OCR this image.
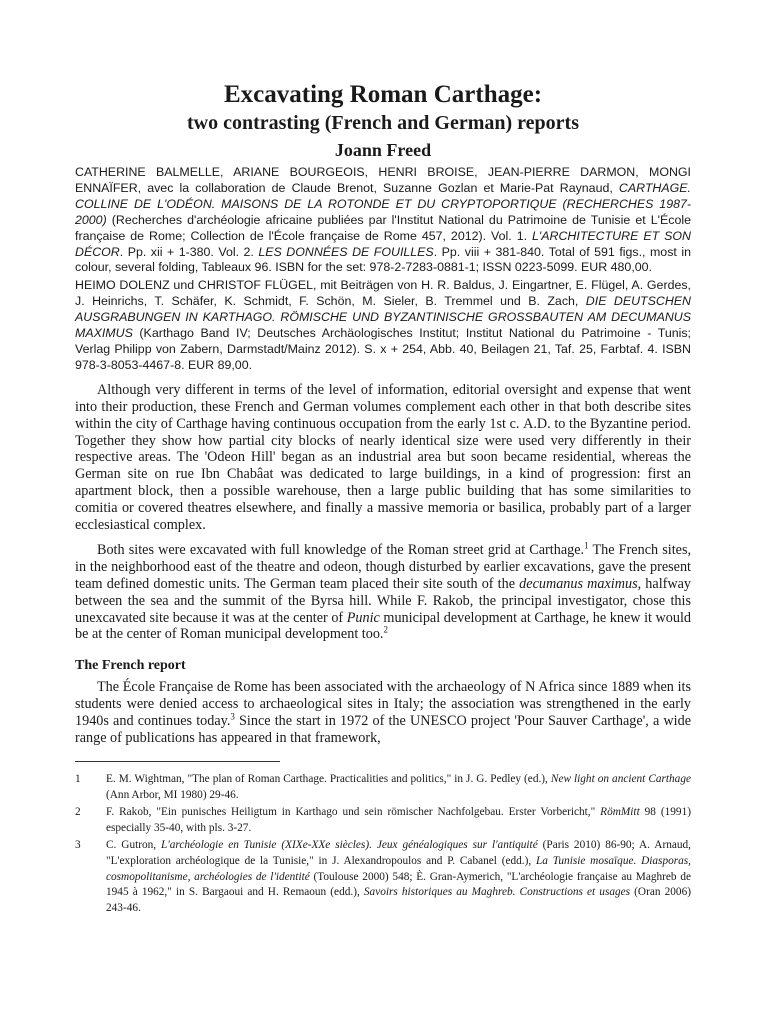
Excavating Roman Carthage:
two contrasting (French and German) reports
Joann Freed

CATHERINE BALMELLE, ARIANE BOURGEOIS, HENRI BROISE, JEAN-PIERRE DARMON, MONGI ENNAÏFER, avec la collaboration de Claude Brenot, Suzanne Gozlan et Marie-Pat Raynaud, CARTHAGE. COLLINE DE L'ODÉON. MAISONS DE LA ROTONDE ET DU CRYPTOPORTIQUE (RECHERCHES 1987-2000) (Recherches d'archéologie africaine publiées par l'Institut National du Patrimoine de Tunisie et L'École française de Rome; Collection de l'École française de Rome 457, 2012). Vol. 1. L'ARCHITECTURE ET SON DÉCOR. Pp. xii + 1-380. Vol. 2. LES DONNÉES DE FOUILLES. Pp. viii + 381-840. Total of 591 figs., most in colour, several folding, Tableaux 96. ISBN for the set: 978-2-7283-0881-1; ISSN 0223-5099. EUR 480,00.

HEIMO DOLENZ und CHRISTOF FLÜGEL, mit Beiträgen von H. R. Baldus, J. Eingartner, E. Flügel, A. Gerdes, J. Heinrichs, T. Schäfer, K. Schmidt, F. Schön, M. Sieler, B. Tremmel und B. Zach, DIE DEUTSCHEN AUSGRABUNGEN IN KARTHAGO. RÖMISCHE UND BYZANTINISCHE GROSSBAUTEN AM DECUMANUS MAXIMUS (Karthago Band IV; Deutsches Archäologisches Institut; Institut National du Patrimoine - Tunis; Verlag Philipp von Zabern, Darmstadt/Mainz 2012). S. x + 254, Abb. 40, Beilagen 21, Taf. 25, Farbtaf. 4. ISBN 978-3-8053-4467-8. EUR 89,00.

Although very different in terms of the level of information, editorial oversight and expense that went into their production, these French and German volumes complement each other in that both describe sites within the city of Carthage having continuous occupation from the early 1st c. A.D. to the Byzantine period. Together they show how partial city blocks of nearly identical size were used very differently in their respective areas. The 'Odeon Hill' began as an industrial area but soon became residential, whereas the German site on rue Ibn Chabâat was dedicated to large buildings, in a kind of progression: first an apartment block, then a possible warehouse, then a large public building that has some similarities to comitia or covered theatres elsewhere, and finally a massive memoria or basilica, probably part of a larger ecclesiastical complex.

Both sites were excavated with full knowledge of the Roman street grid at Carthage.$^1$ The French sites, in the neighborhood east of the theatre and odeon, though disturbed by earlier excavations, gave the present team defined domestic units. The German team placed their site south of the decumanus maximus, halfway between the sea and the summit of the Byrsa hill. While F. Rakob, the principal investigator, chose this unexcavated site because it was at the center of Punic municipal development at Carthage, he knew it would be at the center of Roman municipal development too.$^2$

The French report

The École Française de Rome has been associated with the archaeology of N Africa since 1889 when its students were denied access to archaeological sites in Italy; the association was strengthened in the early 1940s and continues today.$^3$ Since the start in 1972 of the UNESCO project 'Pour Sauver Carthage', a wide range of publications has appeared in that framework,

1 E. M. Wightman, "The plan of Roman Carthage. Practicalities and politics," in J. G. Pedley (ed.), New light on ancient Carthage (Ann Arbor, MI 1980) 29-46.
2 F. Rakob, "Ein punisches Heiligtum in Karthago und sein römischer Nachfolgebau. Erster Vorbericht," RömMitt 98 (1991) especially 35-40, with pls. 3-27.
3 C. Gutron, L'archéologie en Tunisie (XIXe-XXe siècles). Jeux généalogiques sur l'antiquité (Paris 2010) 86-90; A. Arnaud, "L'exploration archéologique de la Tunisie," in J. Alexandropoulos and P. Cabanel (edd.), La Tunisie mosaïque. Diasporas, cosmopolitanisme, archéologies de l'identité (Toulouse 2000) 548; È. Gran-Aymerich, "L'archéologie française au Maghreb de 1945 à 1962," in S. Bargaoui and H. Remaoun (edd.), Savoirs historiques au Maghreb. Constructions et usages (Oran 2006) 243-46.
